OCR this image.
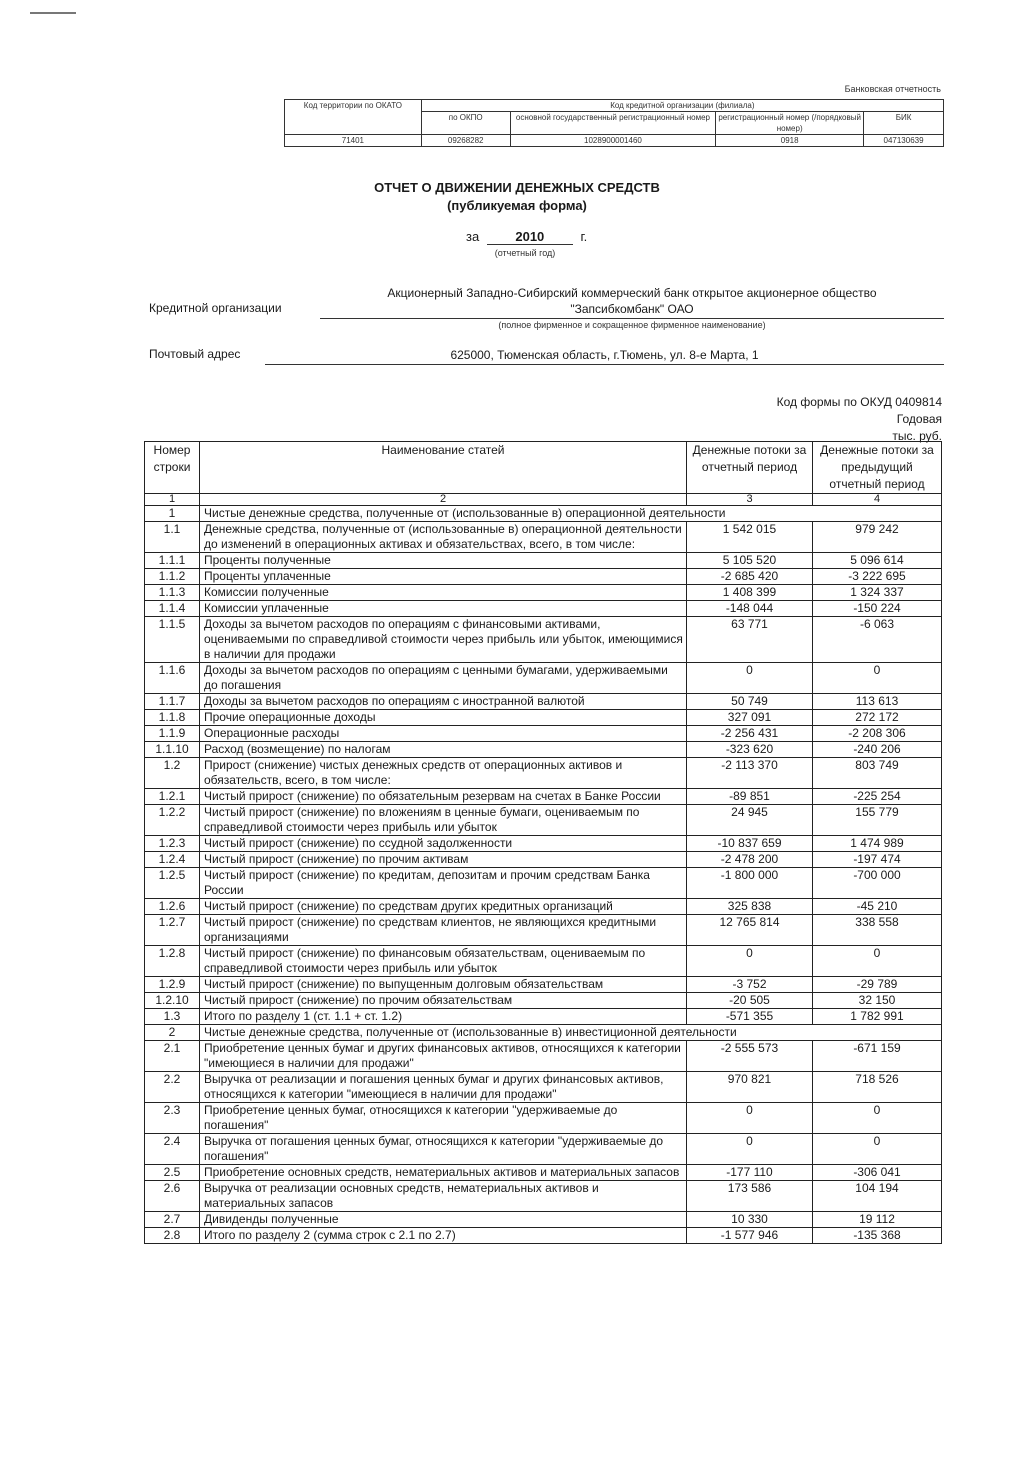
Банковская отчетность
Код территории по ОКАТО	Код кредитной организации (филиала)			
	по ОКПО	основной государственный регистрационный номер	регистрационный номер (/порядковый номер)	БИК
71401	09268282	1028900001460	0918	047130639
ОТЧЕТ О ДВИЖЕНИИ ДЕНЕЖНЫХ СРЕДСТВ
(публикуемая форма)
за	2010	г.
(отчетный год)
Акционерный Западно-Сибирский коммерческий банк открытое акционерное общество
"Запсибкомбанк" ОАО
Кредитной организации
(полное фирменное и сокращенное фирменное наименование)
Почтовый адрес	625000, Тюменская область, г.Тюмень, ул. 8-е Марта, 1
Код формы по ОКУД 0409814
Годовая
тыс. руб.
Номер строки	Наименование статей	Денежные потоки за отчетный период	Денежные потоки за предыдущий отчетный период
1	2	3	4
1	Чистые денежные средства, полученные от (использованные в) операционной деятельности		
1.1	Денежные средства, полученные от (использованные в) операционной деятельности до изменений в операционных активах и обязательствах, всего, в том числе:	1 542 015	979 242
1.1.1	Проценты полученные	5 105 520	5 096 614
1.1.2	Проценты уплаченные	-2 685 420	-3 222 695
1.1.3	Комиссии полученные	1 408 399	1 324 337
1.1.4	Комиссии уплаченные	-148 044	-150 224
1.1.5	Доходы за вычетом расходов по операциям с финансовыми активами, оцениваемыми по справедливой стоимости через прибыль или убыток, имеющимися в наличии для продажи	63 771	-6 063
1.1.6	Доходы за вычетом расходов по операциям с ценными бумагами, удерживаемыми до погашения	0	0
1.1.7	Доходы за вычетом расходов по операциям с иностранной валютой	50 749	113 613
1.1.8	Прочие операционные доходы	327 091	272 172
1.1.9	Операционные расходы	-2 256 431	-2 208 306
1.1.10	Расход (возмещение) по налогам	-323 620	-240 206
1.2	Прирост (снижение) чистых денежных средств от операционных активов и обязательств, всего, в том числе:	-2 113 370	803 749
1.2.1	Чистый прирост (снижение) по обязательным резервам на счетах в Банке России	-89 851	-225 254
1.2.2	Чистый прирост (снижение) по вложениям в ценные бумаги, оцениваемым по справедливой стоимости через прибыль или убыток	24 945	155 779
1.2.3	Чистый прирост (снижение) по ссудной задолженности	-10 837 659	1 474 989
1.2.4	Чистый прирост (снижение) по прочим активам	-2 478 200	-197 474
1.2.5	Чистый прирост (снижение) по кредитам, депозитам и прочим средствам Банка России	-1 800 000	-700 000
1.2.6	Чистый прирост (снижение) по средствам других кредитных организаций	325 838	-45 210
1.2.7	Чистый прирост (снижение) по средствам клиентов, не являющихся кредитными организациями	12 765 814	338 558
1.2.8	Чистый прирост (снижение) по финансовым обязательствам, оцениваемым по справедливой стоимости через прибыль или убыток	0	0
1.2.9	Чистый прирост (снижение) по выпущенным долговым обязательствам	-3 752	-29 789
1.2.10	Чистый прирост (снижение) по прочим обязательствам	-20 505	32 150
1.3	Итого по разделу 1 (ст. 1.1 + ст. 1.2)	-571 355	1 782 991
2	Чистые денежные средства, полученные от (использованные в) инвестиционной деятельности		
2.1	Приобретение ценных бумаг и других финансовых активов, относящихся к категории "имеющиеся в наличии для продажи"	-2 555 573	-671 159
2.2	Выручка от реализации и погашения ценных бумаг и других финансовых активов, относящихся к категории "имеющиеся в наличии для продажи"	970 821	718 526
2.3	Приобретение ценных бумаг, относящихся к категории "удерживаемые до погашения"	0	0
2.4	Выручка от погашения ценных бумаг, относящихся к категории "удерживаемые до погашения"	0	0
2.5	Приобретение основных средств, нематериальных активов и материальных запасов	-177 110	-306 041
2.6	Выручка от реализации основных средств, нематериальных активов и материальных запасов	173 586	104 194
2.7	Дивиденды полученные	10 330	19 112
2.8	Итого по разделу 2 (сумма строк с 2.1 по 2.7)	-1 577 946	-135 368
